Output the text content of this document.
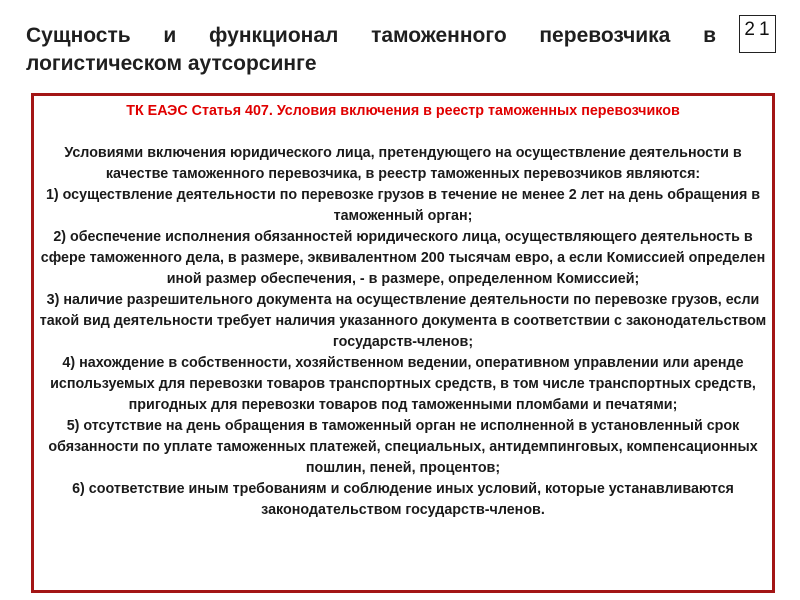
Сущность и функционал таможенного перевозчика в логистическом аутсорсинге
21

ТК ЕАЭС Статья 407. Условия включения в реестр таможенных перевозчиков

Условиями включения юридического лица, претендующего на осуществление деятельности в качестве таможенного перевозчика, в реестр таможенных перевозчиков являются:

1) осуществление деятельности по перевозке грузов в течение не менее 2 лет на день обращения в таможенный орган;

2) обеспечение исполнения обязанностей юридического лица, осуществляющего деятельность в сфере таможенного дела, в размере, эквивалентном 200 тысячам евро, а если Комиссией определен иной размер обеспечения, - в размере, определенном Комиссией;

3) наличие разрешительного документа на осуществление деятельности по перевозке грузов, если такой вид деятельности требует наличия указанного документа в соответствии с законодательством государств-членов;

4) нахождение в собственности, хозяйственном ведении, оперативном управлении или аренде используемых для перевозки товаров транспортных средств, в том числе транспортных средств, пригодных для перевозки товаров под таможенными пломбами и печатями;

5) отсутствие на день обращения в таможенный орган не исполненной в установленный срок обязанности по уплате таможенных платежей, специальных, антидемпинговых, компенсационных пошлин, пеней, процентов;

6) соответствие иным требованиям и соблюдение иных условий, которые устанавливаются законодательством государств-членов.
